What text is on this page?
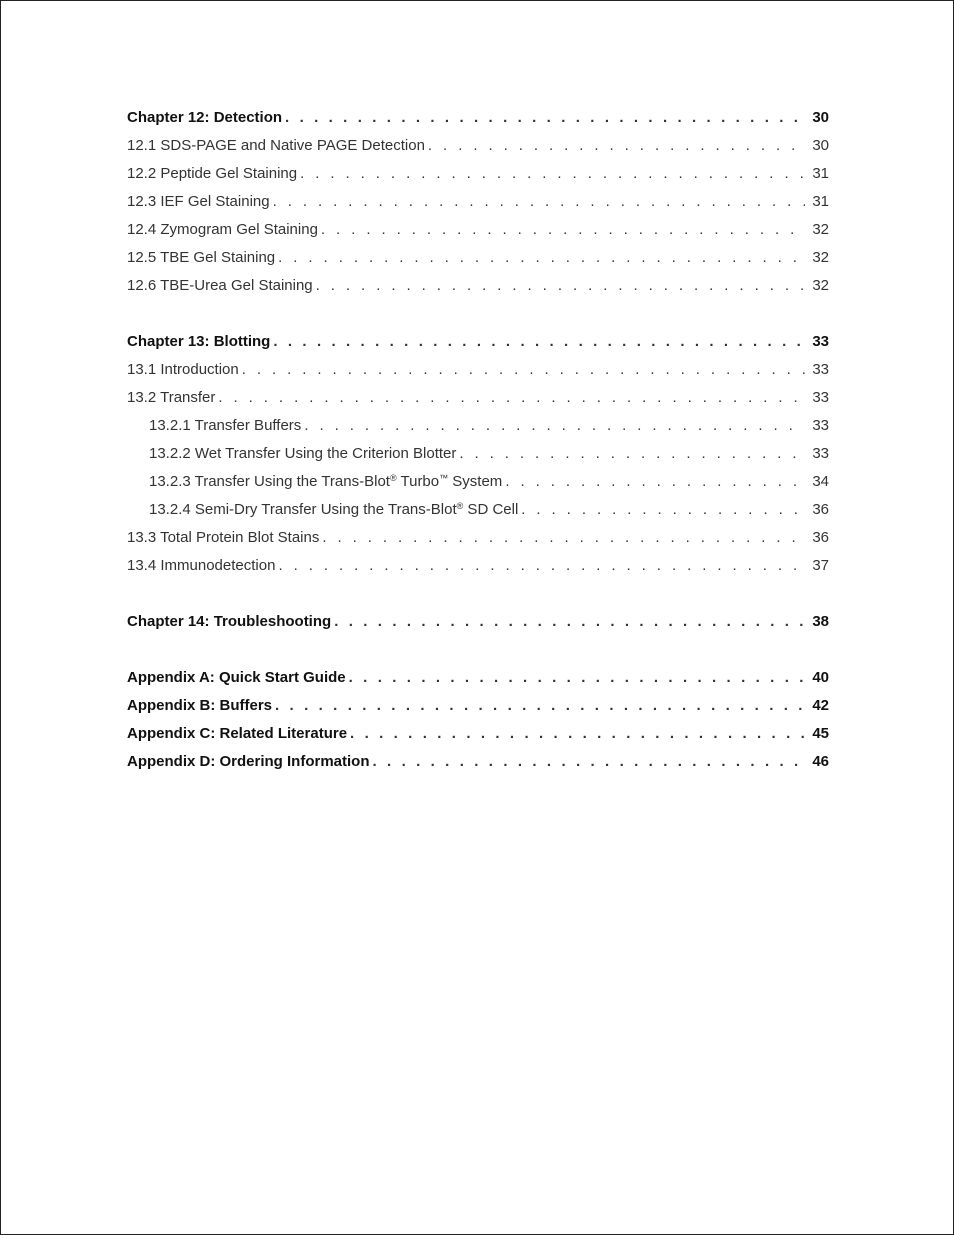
Chapter 12: Detection . . .	30
12.1 SDS-PAGE and Native PAGE Detection . . .	30
12.2 Peptide Gel Staining . . .	31
12.3 IEF Gel Staining . . .	31
12.4 Zymogram Gel Staining . . .	32
12.5 TBE Gel Staining . . .	32
12.6 TBE-Urea Gel Staining . . .	32
Chapter 13: Blotting . . .	33
13.1 Introduction . . .	33
13.2 Transfer . . .	33
13.2.1 Transfer Buffers . . .	33
13.2.2 Wet Transfer Using the Criterion Blotter . . .	33
13.2.3 Transfer Using the Trans-Blot® Turbo™ System . . .	34
13.2.4 Semi-Dry Transfer Using the Trans-Blot® SD Cell . . .	36
13.3 Total Protein Blot Stains . . .	36
13.4 Immunodetection . . .	37
Chapter 14: Troubleshooting . . .	38
Appendix A: Quick Start Guide . . .	40
Appendix B: Buffers . . .	42
Appendix C: Related Literature . . .	45
Appendix D: Ordering Information . . .	46
